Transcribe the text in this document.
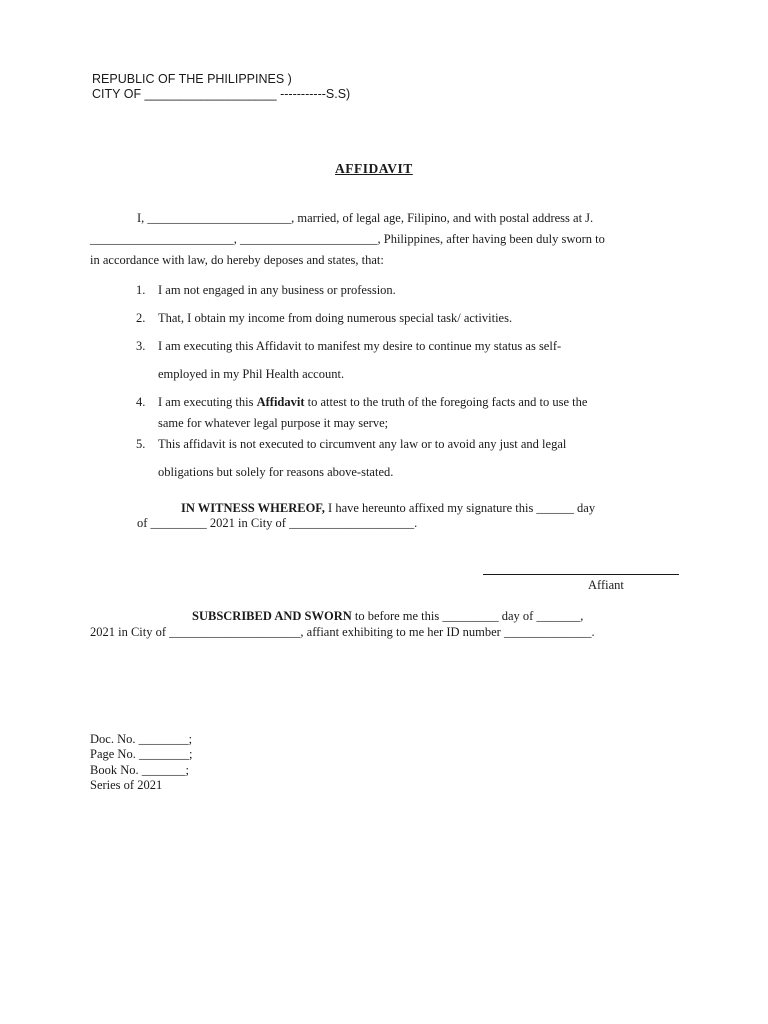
REPUBLIC OF THE PHILIPPINES )
CITY OF ___________________ -----------S.S)
AFFIDAVIT
I, _______________________, married, of legal age, Filipino, and with postal address at J.
_______________________, ______________________, Philippines, after having been duly sworn to
in accordance with law, do hereby deposes and states, that:
1. I am not engaged in any business or profession.
2. That, I obtain my income from doing numerous special task/ activities.
3. I am executing this Affidavit to manifest my desire to continue my status as self-
employed in my Phil Health account.
4. I am executing this Affidavit to attest to the truth of the foregoing facts and to use the
same for whatever legal purpose it may serve;
5. This affidavit is not executed to circumvent any law or to avoid any just and legal
obligations but solely for reasons above-stated.
IN WITNESS WHEREOF, I have hereunto affixed my signature this ______ day
of _________ 2021 in City of ____________________.
Affiant
SUBSCRIBED AND SWORN to before me this _________ day of _______,
2021 in City of _____________________, affiant exhibiting to me her ID number ______________.
Doc. No. ________;
Page No. ________;
Book No. _______;
Series of 2021
